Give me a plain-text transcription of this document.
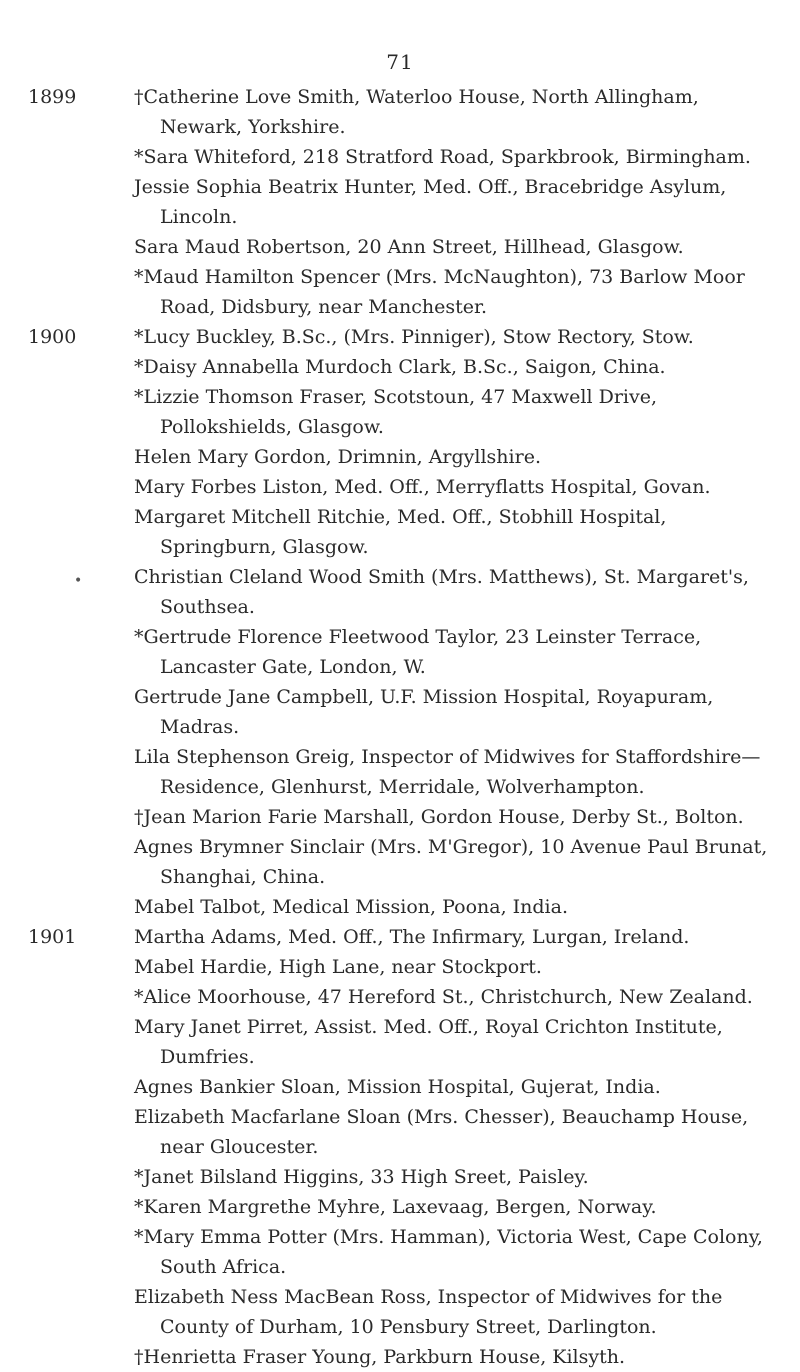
71
1899	†Catherine Love Smith, Waterloo House, North Allingham, Newark, Yorkshire.
*Sara Whiteford, 218 Stratford Road, Sparkbrook, Birmingham.
Jessie Sophia Beatrix Hunter, Med. Off., Bracebridge Asylum, Lincoln.
Sara Maud Robertson, 20 Ann Street, Hillhead, Glasgow.
*Maud Hamilton Spencer (Mrs. McNaughton), 73 Barlow Moor Road, Didsbury, near Manchester.
1900	*Lucy Buckley, B.Sc., (Mrs. Pinniger), Stow Rectory, Stow.
*Daisy Annabella Murdoch Clark, B.Sc., Saigon, China.
*Lizzie Thomson Fraser, Scotstoun, 47 Maxwell Drive, Pollokshields, Glasgow.
Helen Mary Gordon, Drimnin, Argyllshire.
Mary Forbes Liston, Med. Off., Merryflatts Hospital, Govan.
Margaret Mitchell Ritchie, Med. Off., Stobhill Hospital, Springburn, Glasgow.
•	Christian Cleland Wood Smith (Mrs. Matthews), St. Margaret's, Southsea.
*Gertrude Florence Fleetwood Taylor, 23 Leinster Terrace, Lancaster Gate, London, W.
Gertrude Jane Campbell, U.F. Mission Hospital, Royapuram, Madras.
Lila Stephenson Greig, Inspector of Midwives for Staffordshire— Residence, Glenhurst, Merridale, Wolverhampton.
†Jean Marion Farie Marshall, Gordon House, Derby St., Bolton.
Agnes Brymner Sinclair (Mrs. M'Gregor), 10 Avenue Paul Brunat, Shanghai, China.
Mabel Talbot, Medical Mission, Poona, India.
1901	Martha Adams, Med. Off., The Infirmary, Lurgan, Ireland.
Mabel Hardie, High Lane, near Stockport.
*Alice Moorhouse, 47 Hereford St., Christchurch, New Zealand.
Mary Janet Pirret, Assist. Med. Off., Royal Crichton Institute, Dumfries.
Agnes Bankier Sloan, Mission Hospital, Gujerat, India.
Elizabeth Macfarlane Sloan (Mrs. Chesser), Beauchamp House, near Gloucester.
*Janet Bilsland Higgins, 33 High Sreet, Paisley.
*Karen Margrethe Myhre, Laxevaag, Bergen, Norway.
*Mary Emma Potter (Mrs. Hamman), Victoria West, Cape Colony, South Africa.
Elizabeth Ness MacBean Ross, Inspector of Midwives for the County of Durham, 10 Pensbury Street, Darlington.
†Henrietta Fraser Young, Parkburn House, Kilsyth.
